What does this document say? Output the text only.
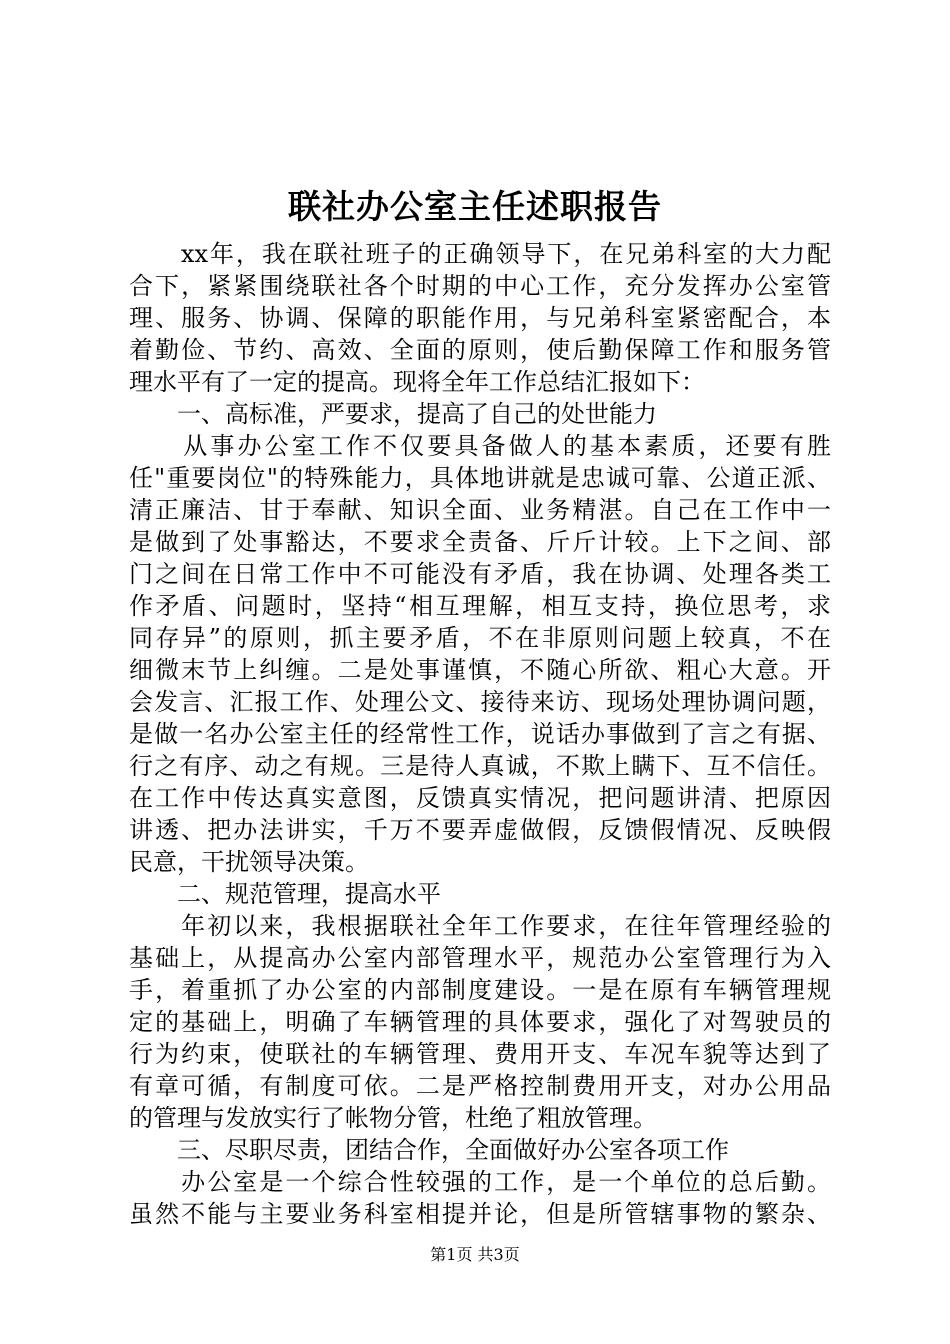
联社办公室主任述职报告
　　xx年，我在联社班子的正确领导下，在兄弟科室的大力配
合下，紧紧围绕联社各个时期的中心工作，充分发挥办公室管
理、服务、协调、保障的职能作用，与兄弟科室紧密配合，本
着勤俭、节约、高效、全面的原则，使后勤保障工作和服务管
理水平有了一定的提高。现将全年工作总结汇报如下：
　　一、高标准，严要求，提高了自己的处世能力
　　从事办公室工作不仅要具备做人的基本素质，还要有胜
任"重要岗位"的特殊能力，具体地讲就是忠诚可靠、公道正派、
清正廉洁、甘于奉献、知识全面、业务精湛。自己在工作中一
是做到了处事豁达，不要求全责备、斤斤计较。上下之间、部
门之间在日常工作中不可能没有矛盾，我在协调、处理各类工
作矛盾、问题时，坚持“相互理解，相互支持，换位思考，求
同存异”的原则，抓主要矛盾，不在非原则问题上较真，不在
细微末节上纠缠。二是处事谨慎，不随心所欲、粗心大意。开
会发言、汇报工作、处理公文、接待来访、现场处理协调问题，
是做一名办公室主任的经常性工作，说话办事做到了言之有据、
行之有序、动之有规。三是待人真诚，不欺上瞒下、互不信任。
在工作中传达真实意图，反馈真实情况，把问题讲清、把原因
讲透、把办法讲实，千万不要弄虚做假，反馈假情况、反映假
民意，干扰领导决策。
　　二、规范管理，提高水平
　　年初以来，我根据联社全年工作要求，在往年管理经验的
基础上，从提高办公室内部管理水平，规范办公室管理行为入
手，着重抓了办公室的内部制度建设。一是在原有车辆管理规
定的基础上，明确了车辆管理的具体要求，强化了对驾驶员的
行为约束，使联社的车辆管理、费用开支、车况车貌等达到了
有章可循，有制度可依。二是严格控制费用开支，对办公用品
的管理与发放实行了帐物分管，杜绝了粗放管理。
　　三、尽职尽责，团结合作，全面做好办公室各项工作
　　办公室是一个综合性较强的工作，是一个单位的总后勤。
虽然不能与主要业务科室相提并论，但是所管辖事物的繁杂、
第1页 共3页
